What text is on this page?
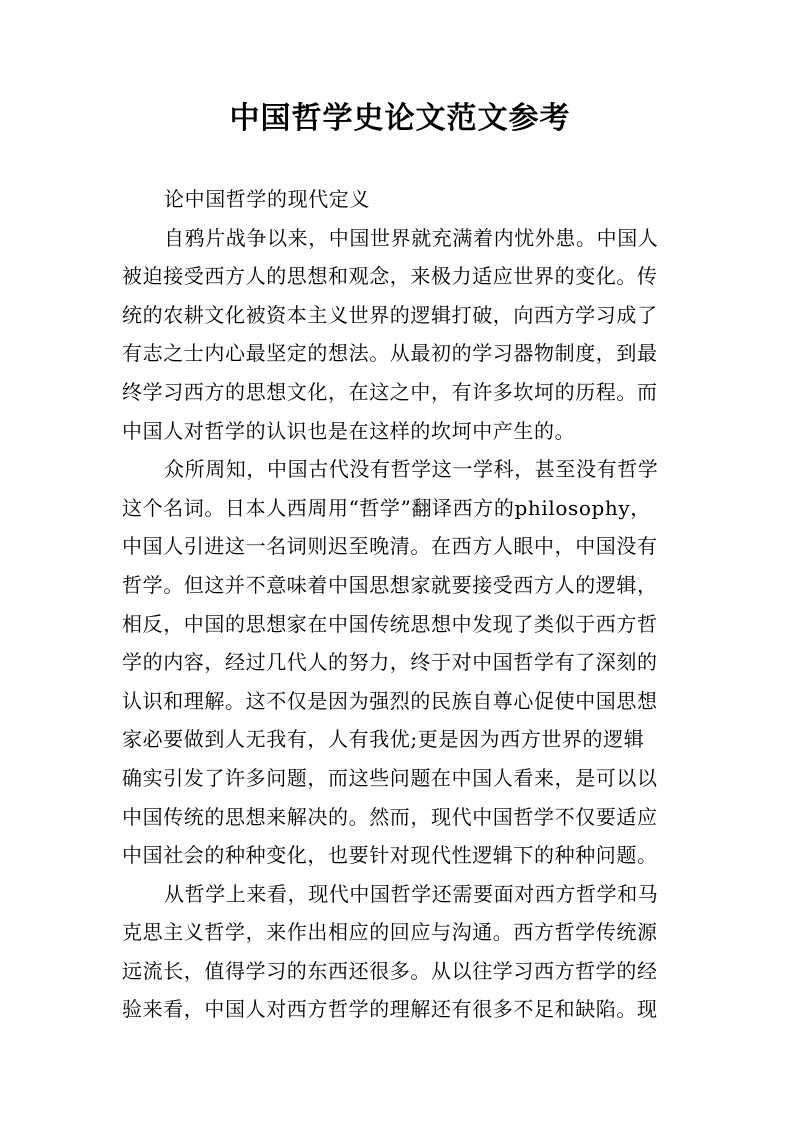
中国哲学史论文范文参考
论中国哲学的现代定义
自鸦片战争以来，中国世界就充满着内忧外患。中国人
被迫接受西方人的思想和观念，来极力适应世界的变化。传
统的农耕文化被资本主义世界的逻辑打破，向西方学习成了
有志之士内心最坚定的想法。从最初的学习器物制度，到最
终学习西方的思想文化，在这之中，有许多坎坷的历程。而
中国人对哲学的认识也是在这样的坎坷中产生的。
众所周知，中国古代没有哲学这一学科，甚至没有哲学
这个名词。日本人西周用“哲学”翻译西方的philosophy，
中国人引进这一名词则迟至晚清。在西方人眼中，中国没有
哲学。但这并不意味着中国思想家就要接受西方人的逻辑，
相反，中国的思想家在中国传统思想中发现了类似于西方哲
学的内容，经过几代人的努力，终于对中国哲学有了深刻的
认识和理解。这不仅是因为强烈的民族自尊心促使中国思想
家必要做到人无我有，人有我优;更是因为西方世界的逻辑
确实引发了许多问题，而这些问题在中国人看来，是可以以
中国传统的思想来解决的。然而，现代中国哲学不仅要适应
中国社会的种种变化，也要针对现代性逻辑下的种种问题。
从哲学上来看，现代中国哲学还需要面对西方哲学和马
克思主义哲学，来作出相应的回应与沟通。西方哲学传统源
远流长，值得学习的东西还很多。从以往学习西方哲学的经
验来看，中国人对西方哲学的理解还有很多不足和缺陷。现
